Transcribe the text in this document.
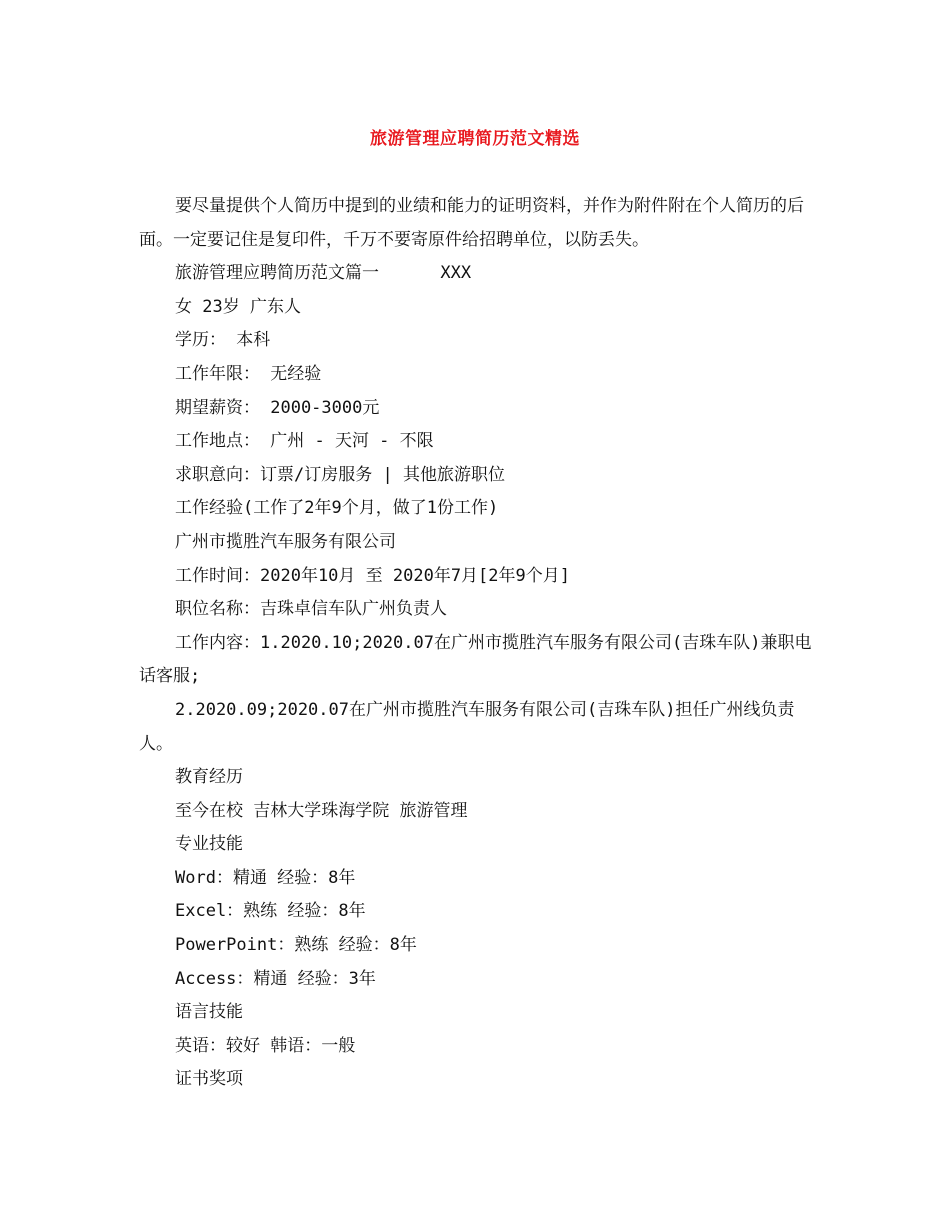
旅游管理应聘简历范文精选

要尽量提供个人简历中提到的业绩和能力的证明资料，并作为附件附在个人简历的后面。一定要记住是复印件，千万不要寄原件给招聘单位，以防丢失。

旅游管理应聘简历范文篇一      XXX

女 23岁 广东人

学历： 本科

工作年限： 无经验

期望薪资： 2000-3000元

工作地点： 广州 - 天河 - 不限

求职意向：订票/订房服务 | 其他旅游职位

工作经验(工作了2年9个月，做了1份工作)

广州市揽胜汽车服务有限公司

工作时间：2020年10月 至 2020年7月[2年9个月]

职位名称：吉珠卓信车队广州负责人

工作内容：1.2020.10;2020.07在广州市揽胜汽车服务有限公司(吉珠车队)兼职电话客服;

2.2020.09;2020.07在广州市揽胜汽车服务有限公司(吉珠车队)担任广州线负责人。

教育经历

至今在校 吉林大学珠海学院 旅游管理

专业技能

Word：精通 经验：8年

Excel：熟练 经验：8年

PowerPoint：熟练 经验：8年

Access：精通 经验：3年

语言技能

英语：较好 韩语：一般

证书奖项
